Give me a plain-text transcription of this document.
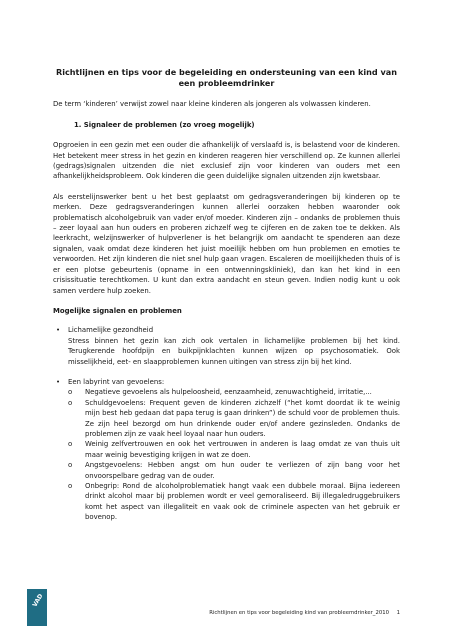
Richtlijnen en tips voor de begeleiding en ondersteuning van een kind van een probleemdrinker

De term ‘kinderen’ verwijst zowel naar kleine kinderen als jongeren als volwassen kinderen.

1. Signaleer de problemen (zo vroeg mogelijk)

Opgroeien in een gezin met een ouder die afhankelijk of verslaafd is, is belastend voor de kinderen. Het betekent meer stress in het gezin en kinderen reageren hier verschillend op. Ze kunnen allerlei (gedrags)signalen uitzenden die niet exclusief zijn voor kinderen van ouders met een afhankelijkheidsprobleem. Ook kinderen die geen duidelijke signalen uitzenden zijn kwetsbaar.

Als eerstelijnswerker bent u het best geplaatst om gedragsveranderingen bij kinderen op te merken. Deze gedragsveranderingen kunnen allerlei oorzaken hebben waaronder ook problematisch alcoholgebruik van vader en/of moeder. Kinderen zijn – ondanks de problemen thuis – zeer loyaal aan hun ouders en proberen zichzelf weg te cijferen en de zaken toe te dekken. Als leerkracht, welzijnswerker of hulpverlener is het belangrijk om aandacht te spenderen aan deze signalen, vaak omdat deze kinderen het juist moeilijk hebben om hun problemen en emoties te verwoorden. Het zijn kinderen die niet snel hulp gaan vragen. Escaleren de moeilijkheden thuis of is er een plotse gebeurtenis (opname in een ontwenningskliniek), dan kan het kind in een crisissituatie terechtkomen. U kunt dan extra aandacht en steun geven. Indien nodig kunt u ook samen verdere hulp zoeken.

Mogelijke signalen en problemen
• Lichamelijke gezondheid

Stress binnen het gezin kan zich ook vertalen in lichamelijke problemen bij het kind. Terugkerende hoofdpijn en buikpijnklachten kunnen wijzen op psychosomatiek. Ook misselijkheid, eet- en slaapproblemen kunnen uitingen van stress zijn bij het kind.

• Een labyrint van gevoelens:
o Negatieve gevoelens als hulpeloosheid, eenzaamheid, zenuwachtigheid, irritatie,...
o Schuldgevoelens: Frequent geven de kinderen zichzelf (“het komt doordat ik te weinig mijn best heb gedaan dat papa terug is gaan drinken”) de schuld voor de problemen thuis. Ze zijn heel bezorgd om hun drinkende ouder en/of andere gezinsleden. Ondanks de problemen zijn ze vaak heel loyaal naar hun ouders.
o Weinig zelfvertrouwen en ook het vertrouwen in anderen is laag omdat ze van thuis uit maar weinig bevestiging krijgen in wat ze doen.
o Angstgevoelens: Hebben angst om hun ouder te verliezen of zijn bang voor het onvoorspelbare gedrag van de ouder.
o Onbegrip: Rond de alcoholproblematiek hangt vaak een dubbele moraal. Bijna iedereen drinkt alcohol maar bij problemen wordt er veel gemoraliseerd. Bij illegaledruggebruikers komt het aspect van illegaliteit en vaak ook de criminele aspecten van het gebruik er bovenop.
VAD
Richtlijnen en tips voor begeleiding kind van probleemdrinker_2010 1
